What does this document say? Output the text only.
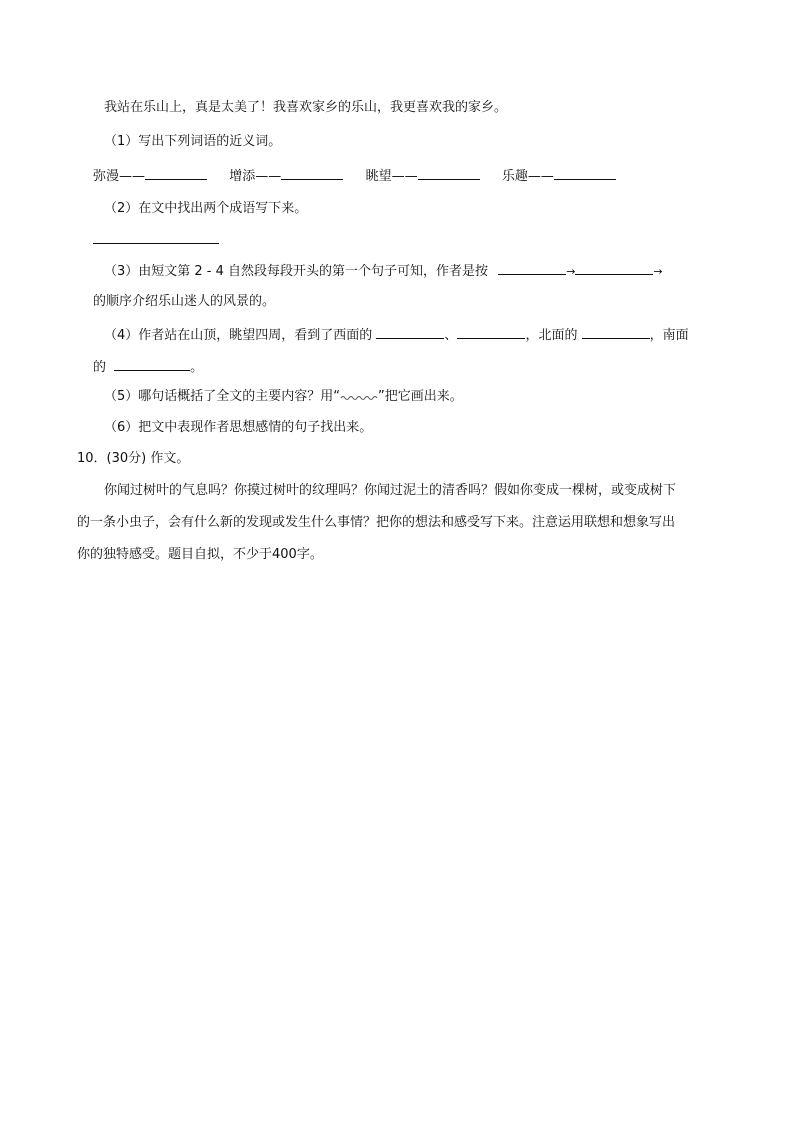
我站在乐山上，真是太美了！我喜欢家乡的乐山，我更喜欢我的家乡。
（1）写出下列词语的近义词。
弥漫——	增添——	眺望——	乐趣——
（2）在文中找出两个成语写下来。
（3）由短文第 2 - 4 自然段每段开头的第一个句子可知，作者是按	→	→
的顺序介绍乐山迷人的风景的。
（4）作者站在山顶，眺望四周，看到了西面的	、	，北面的	，南面
的	。
（5）哪句话概括了全文的主要内容？用“	”把它画出来。
（6）把文中表现作者思想感情的句子找出来。
10．(30分) 作文。
你闻过树叶的气息吗？你摸过树叶的纹理吗？你闻过泥土的清香吗？假如你变成一棵树，或变成树下
的一条小虫子，会有什么新的发现或发生什么事情？把你的想法和感受写下来。注意运用联想和想象写出
你的独特感受。题目自拟，不少于400字。
